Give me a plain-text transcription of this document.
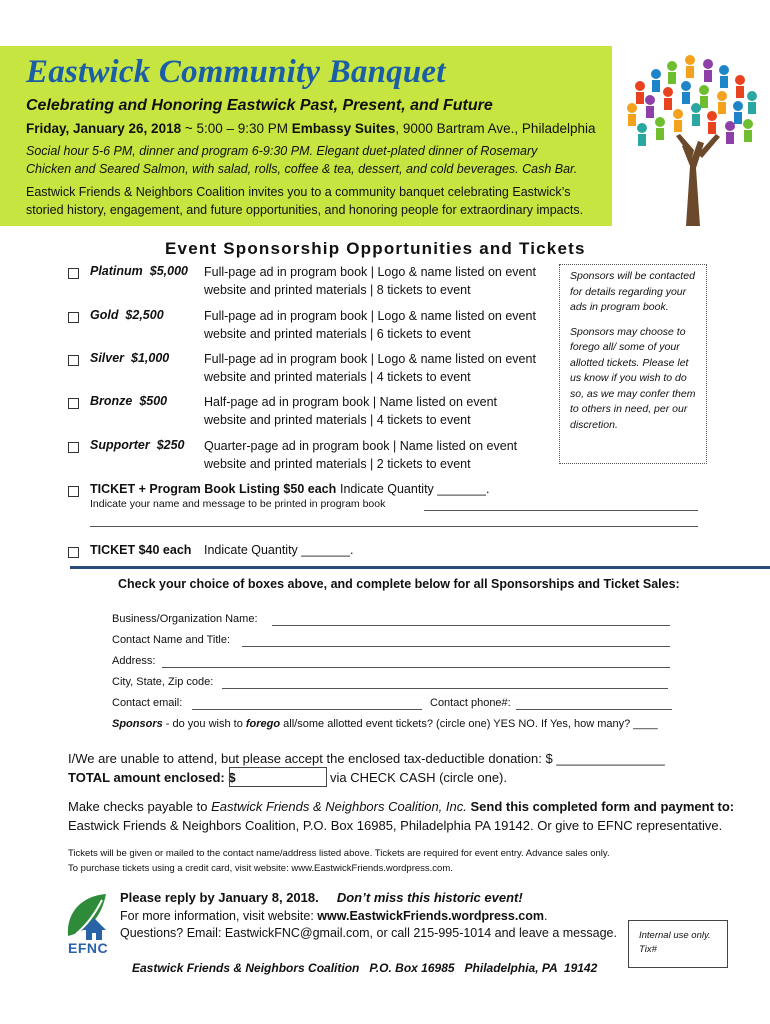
Eastwick Community Banquet
Celebrating and Honoring Eastwick Past, Present, and Future
Friday, January 26, 2018 ~ 5:00 – 9:30 PM Embassy Suites, 9000 Bartram Ave., Philadelphia
Social hour 5-6 PM, dinner and program 6-9:30 PM. Elegant duet-plated dinner of Rosemary Chicken and Seared Salmon, with salad, rolls, coffee & tea, dessert, and cold beverages. Cash Bar.
Eastwick Friends & Neighbors Coalition invites you to a community banquet celebrating Eastwick’s storied history, engagement, and future opportunities, and honoring people for extraordinary impacts.
Event Sponsorship Opportunities and Tickets
Platinum $5,000 Full-page ad in program book | Logo & name listed on event
website and printed materials | 8 tickets to event
Gold $2,500	Full-page ad in program book | Logo & name listed on event
website and printed materials | 6 tickets to event
Silver $1,000	Full-page ad in program book | Logo & name listed on event
website and printed materials | 4 tickets to event
Bronze $500	Half-page ad in program book | Name listed on event
website and printed materials | 4 tickets to event
Supporter $250 Quarter-page ad in program book | Name listed on event
website and printed materials | 2 tickets to event

Sponsors will be contacted for details regarding your ads in program book.

Sponsors may choose to forego all/ some of your allotted tickets. Please let us know if you wish to do so, as we may confer them to others in need, per our discretion.

TICKET + Program Book Listing $50 each Indicate Quantity _______.
Indicate your name and message to be printed in program book
TICKET $40 each Indicate Quantity _______.
Check your choice of boxes above, and complete below for all Sponsorships and Ticket Sales:
Business/Organization Name:
Contact Name and Title:
Address:
City, State, Zip code:
Contact email:	Contact phone#:
Sponsors - do you wish to forego all/some allotted event tickets? (circle one) YES NO. If Yes, how many? ____
I/We are unable to attend, but please accept the enclosed tax-deductible donation: $ _______________
TOTAL amount enclosed: $	via CHECK CASH (circle one).
Make checks payable to Eastwick Friends & Neighbors Coalition, Inc. Send this completed form and payment to:
Eastwick Friends & Neighbors Coalition, P.O. Box 16985, Philadelphia PA 19142. Or give to EFNC representative.
Tickets will be given or mailed to the contact name/address listed above. Tickets are required for event entry. Advance sales only.
To purchase tickets using a credit card, visit website: www.EastwickFriends.wordpress.com.
EFNC
Please reply by January 8, 2018. Don’t miss this historic event!
For more information, visit website: www.EastwickFriends.wordpress.com.
Questions? Email: EastwickFNC@gmail.com, or call 215-995-1014 and leave a message. Internal use only.
Tix#
Eastwick Friends & Neighbors Coalition   P.O. Box 16985   Philadelphia, PA  19142
